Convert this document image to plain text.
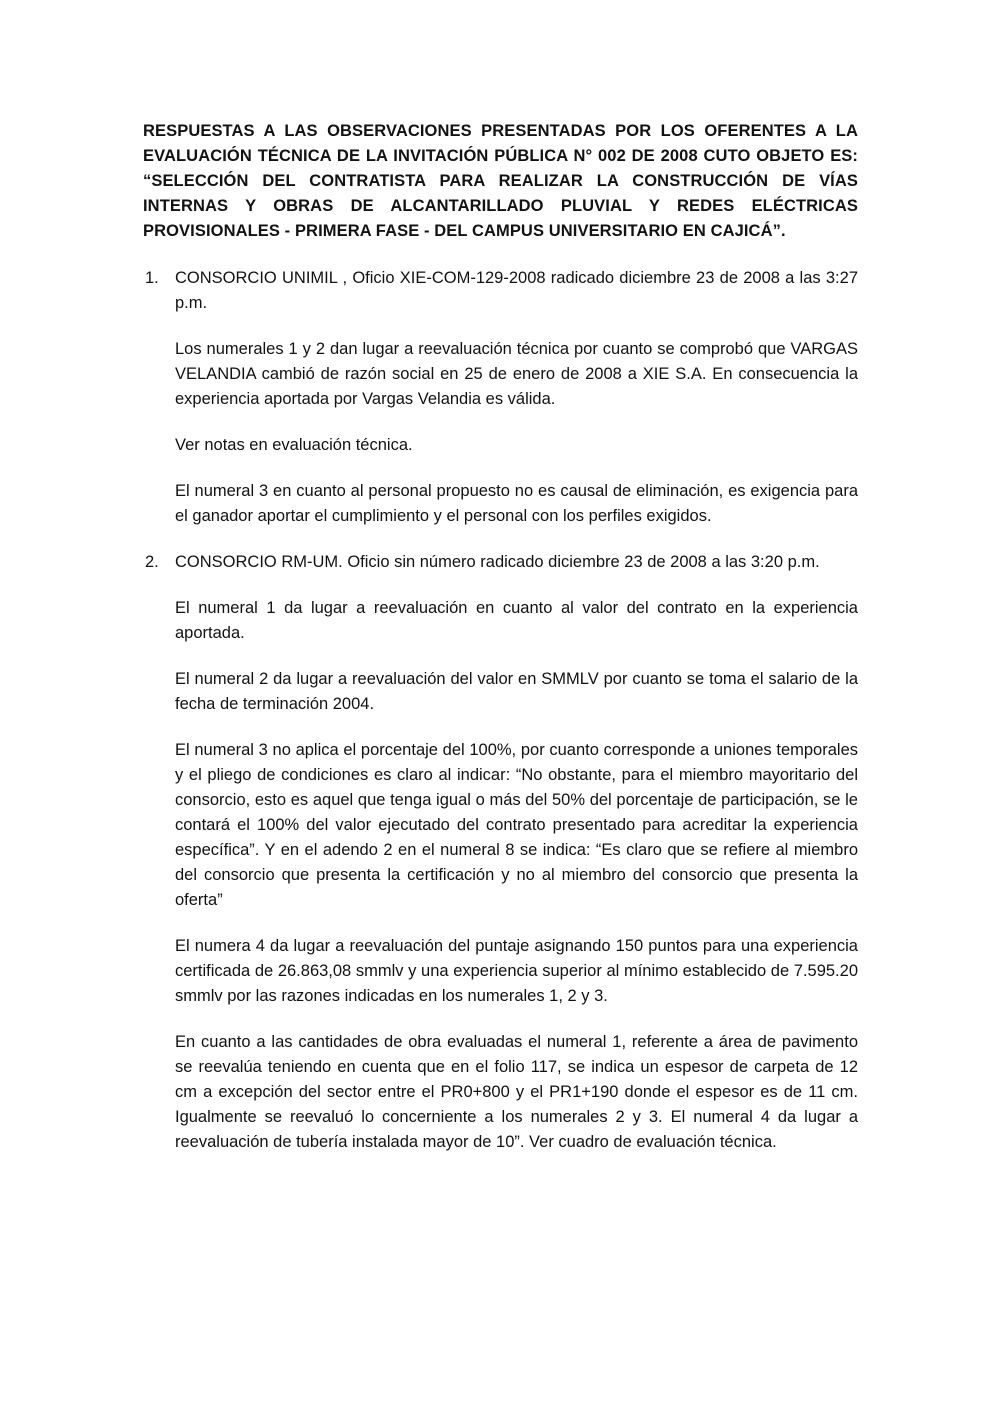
RESPUESTAS A LAS OBSERVACIONES PRESENTADAS POR LOS OFERENTES A LA EVALUACIÓN TÉCNICA DE LA INVITACIÓN PÚBLICA N° 002 DE 2008 CUTO OBJETO ES: “SELECCIÓN DEL CONTRATISTA PARA REALIZAR LA CONSTRUCCIÓN DE VÍAS INTERNAS Y OBRAS DE ALCANTARILLADO PLUVIAL Y REDES ELÉCTRICAS PROVISIONALES - PRIMERA FASE - DEL CAMPUS UNIVERSITARIO EN CAJICÁ”.
1. CONSORCIO UNIMIL , Oficio XIE-COM-129-2008 radicado diciembre 23 de 2008 a las 3:27 p.m.

Los numerales 1 y 2 dan lugar a reevaluación técnica por cuanto se comprobó que VARGAS VELANDIA cambió de razón social en 25 de enero de 2008 a XIE S.A. En consecuencia la experiencia aportada por Vargas Velandia es válida.

Ver notas en evaluación técnica.

El numeral 3 en cuanto al personal propuesto no es causal de eliminación, es exigencia para el ganador aportar el cumplimiento y el personal con los perfiles exigidos.

2. CONSORCIO RM-UM. Oficio sin número radicado diciembre 23 de 2008 a las 3:20 p.m.

El numeral 1 da lugar a reevaluación en cuanto al valor del contrato en la experiencia aportada.

El numeral 2 da lugar a reevaluación del valor en SMMLV por cuanto se toma el salario de la fecha de terminación 2004.

El numeral 3 no aplica el porcentaje del 100%, por cuanto corresponde a uniones temporales y el pliego de condiciones es claro al indicar: “No obstante, para el miembro mayoritario del consorcio, esto es aquel que tenga igual o más del 50% del porcentaje de participación, se le contará el 100% del valor ejecutado del contrato presentado para acreditar la experiencia específica”. Y en el adendo 2 en el numeral 8 se indica: “Es claro que se refiere al miembro del consorcio que presenta la certificación y no al miembro del consorcio que presenta la oferta”

El numera 4 da lugar a reevaluación del puntaje asignando 150 puntos para una experiencia certificada de 26.863,08 smmlv y una experiencia superior al mínimo establecido de 7.595.20 smmlv por las razones indicadas en los numerales 1, 2 y 3.

En cuanto a las cantidades de obra evaluadas el numeral 1, referente a área de pavimento se reevalúa teniendo en cuenta que en el folio 117, se indica un espesor de carpeta de 12 cm a excepción del sector entre el PR0+800 y el PR1+190 donde el espesor es de 11 cm. Igualmente se reevaluó lo concerniente a los numerales 2 y 3. El numeral 4 da lugar a reevaluación de tubería instalada mayor de 10”. Ver cuadro de evaluación técnica.
